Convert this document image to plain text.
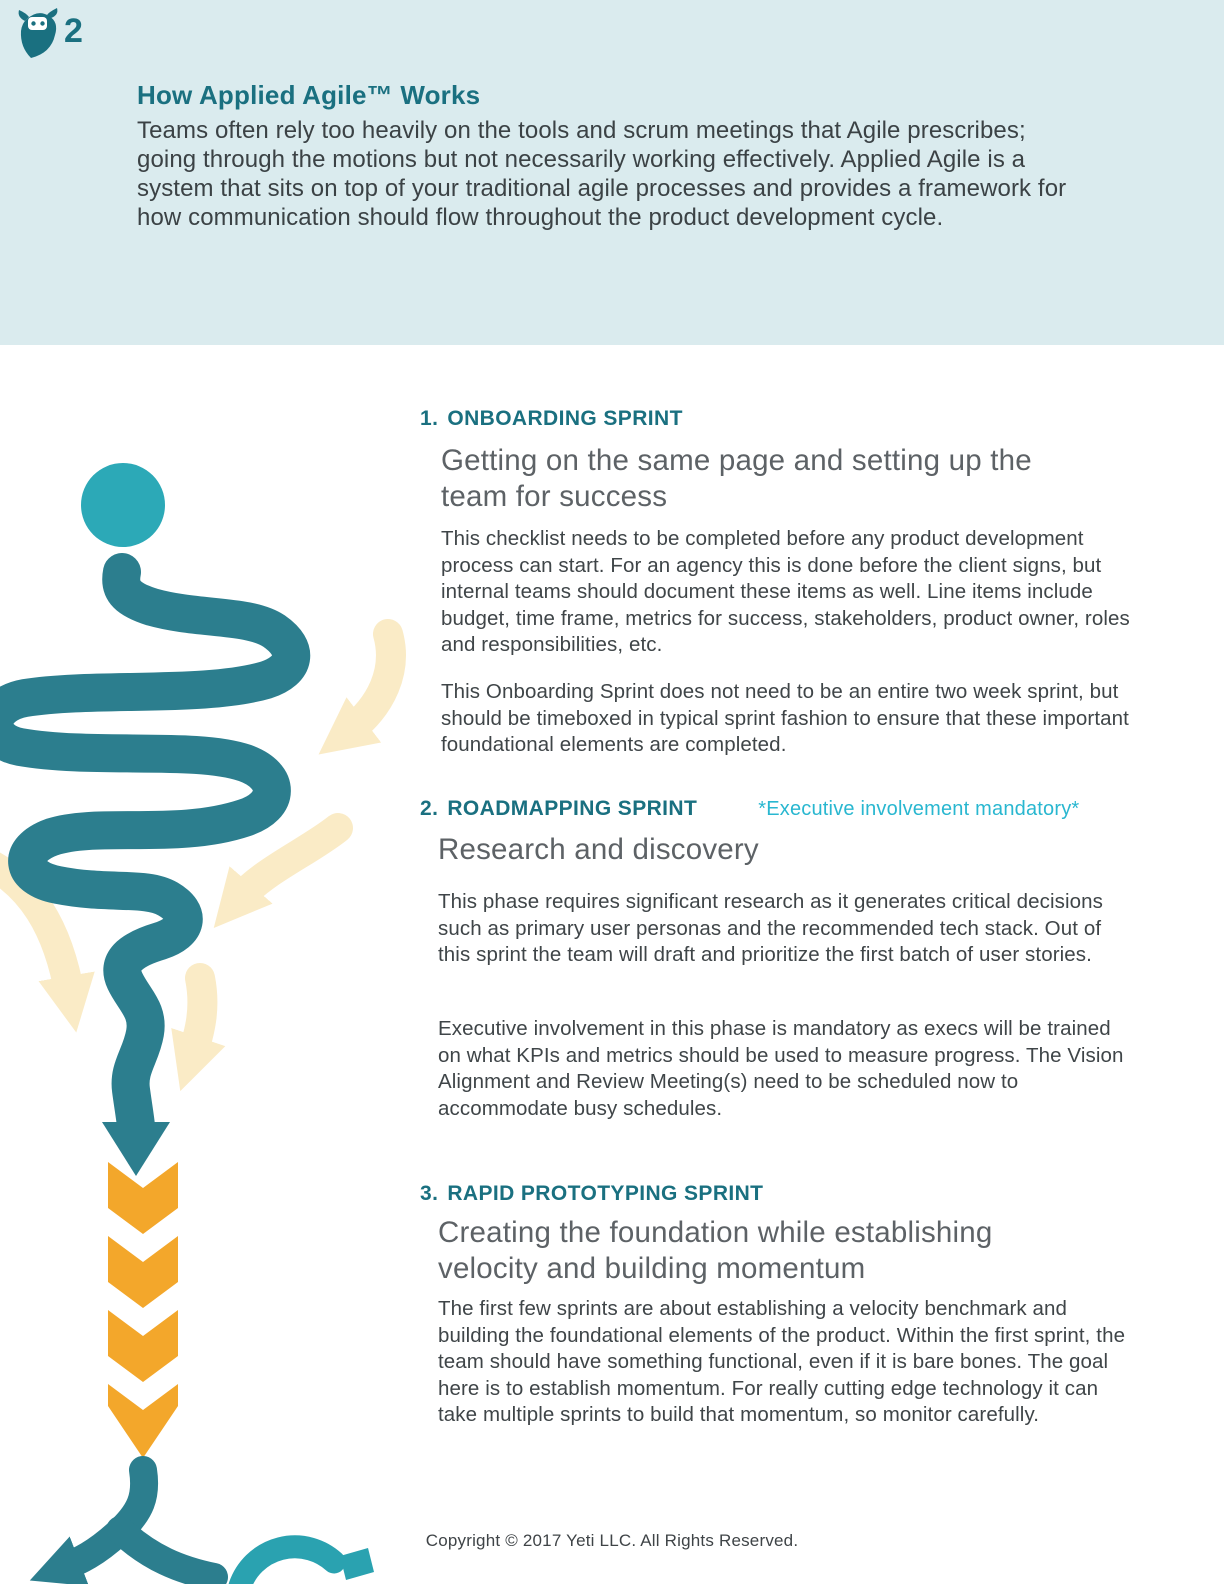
2
How Applied Agile™ Works
Teams often rely too heavily on the tools and scrum meetings that Agile prescribes; going through the motions but not necessarily working effectively. Applied Agile is a system that sits on top of your traditional agile processes and provides a framework for how communication should flow throughout the product development cycle.
1. ONBOARDING SPRINT
Getting on the same page and setting up the team for success
This checklist needs to be completed before any product development process can start. For an agency this is done before the client signs, but internal teams should document these items as well. Line items include budget, time frame, metrics for success, stakeholders, product owner, roles and responsibilities, etc.
This Onboarding Sprint does not need to be an entire two week sprint, but should be timeboxed in typical sprint fashion to ensure that these important foundational elements are completed.
2. ROADMAPPING SPRINT	*Executive involvement mandatory*
Research and discovery
This phase requires significant research as it generates critical decisions such as primary user personas and the recommended tech stack. Out of this sprint the team will draft and prioritize the first batch of user stories.
Executive involvement in this phase is mandatory as execs will be trained on what KPIs and metrics should be used to measure progress. The Vision Alignment and Review Meeting(s) need to be scheduled now to accommodate busy schedules.
3. RAPID PROTOTYPING SPRINT
Creating the foundation while establishing velocity and building momentum
The first few sprints are about establishing a velocity benchmark and building the foundational elements of the product. Within the first sprint, the team should have something functional, even if it is bare bones. The goal here is to establish momentum. For really cutting edge technology it can take multiple sprints to build that momentum, so monitor carefully.
Copyright © 2017 Yeti LLC. All Rights Reserved.
